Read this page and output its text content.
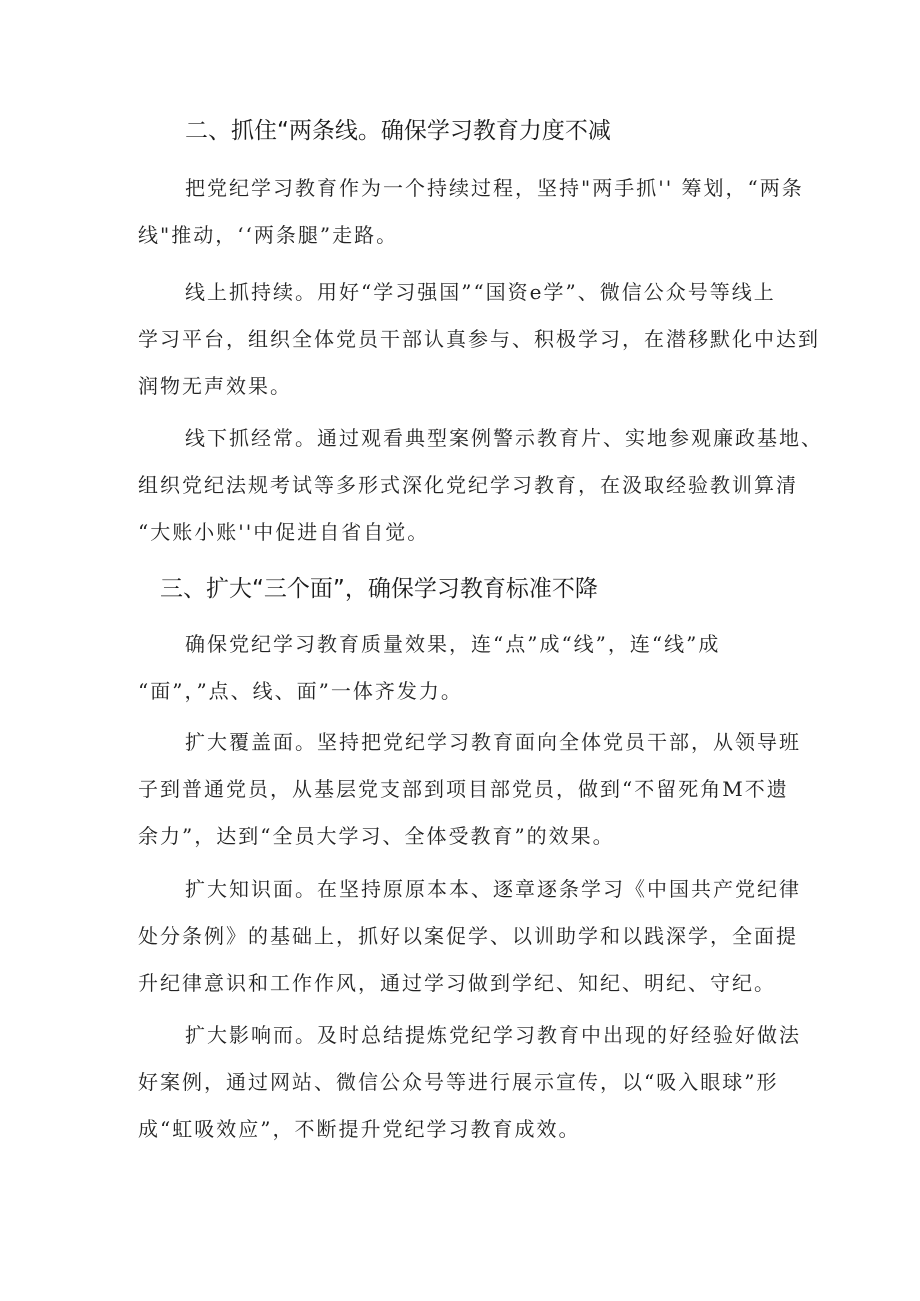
二、抓住“两条线。确保学习教育力度不减
把党纪学习教育作为一个持续过程，坚持"两手抓'' 筹划，“两条
线"推动，‘‘两条腿”走路。
线上抓持续。用好“学习强国”“国资e学”、微信公众号等线上
学习平台，组织全体党员干部认真参与、积极学习，在潜移默化中达到
润物无声效果。
线下抓经常。通过观看典型案例警示教育片、实地参观廉政基地、
组织党纪法规考试等多形式深化党纪学习教育，在汲取经验教训算清
“大账小账''中促进自省自觉。
三、扩大“三个面”，确保学习教育标准不降
确保党纪学习教育质量效果，连“点”成“线”，连“线”成
“面”，”点、线、面”一体齐发力。
扩大覆盖面。坚持把党纪学习教育面向全体党员干部，从领导班
子到普通党员，从基层党支部到项目部党员，做到“不留死角M不遗
余力”，达到“全员大学习、全体受教育”的效果。
扩大知识面。在坚持原原本本、逐章逐条学习《中国共产党纪律
处分条例》的基础上，抓好以案促学、以训助学和以践深学，全面提
升纪律意识和工作作风，通过学习做到学纪、知纪、明纪、守纪。
扩大影响而。及时总结提炼党纪学习教育中出现的好经验好做法
好案例，通过网站、微信公众号等进行展示宣传，以“吸入眼球”形
成“虹吸效应”，不断提升党纪学习教育成效。
